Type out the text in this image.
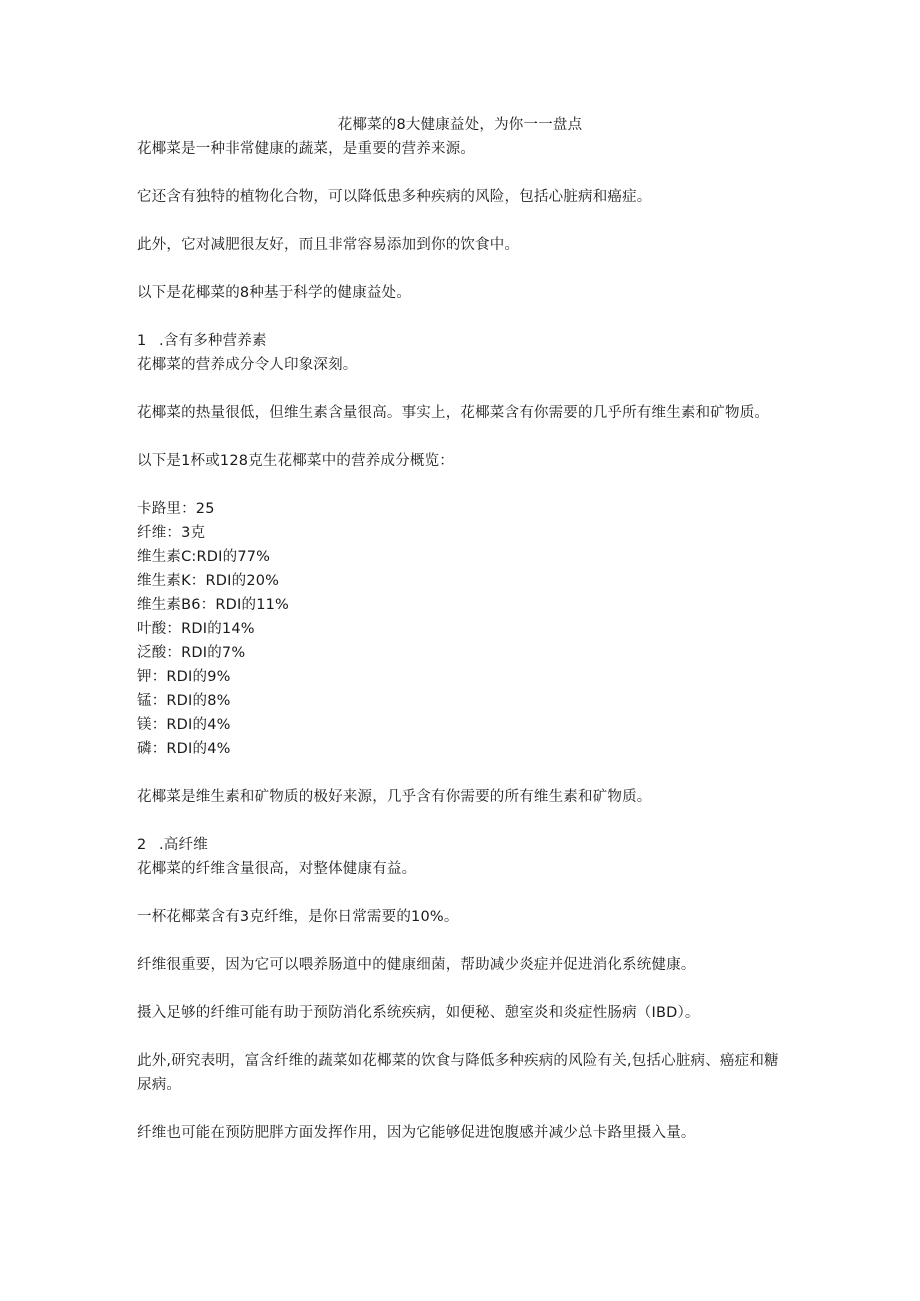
花椰菜的8大健康益处，为你一一盘点

花椰菜是一种非常健康的蔬菜，是重要的营养来源。

它还含有独特的植物化合物，可以降低患多种疾病的风险，包括心脏病和癌症。

此外，它对减肥很友好，而且非常容易添加到你的饮食中。

以下是花椰菜的8种基于科学的健康益处。

1 .含有多种营养素

花椰菜的营养成分令人印象深刻。

花椰菜的热量很低，但维生素含量很高。事实上，花椰菜含有你需要的几乎所有维生素和矿物质。

以下是1杯或128克生花椰菜中的营养成分概览：

卡路里：25
纤维：3克
维生素C:RDI的77%
维生素K：RDI的20%
维生素B6：RDI的11%
叶酸：RDI的14%
泛酸：RDI的7%
钾：RDI的9%
锰：RDI的8%
镁：RDI的4%
磷：RDI的4%

花椰菜是维生素和矿物质的极好来源，几乎含有你需要的所有维生素和矿物质。

2 .高纤维

花椰菜的纤维含量很高，对整体健康有益。

一杯花椰菜含有3克纤维，是你日常需要的10%。

纤维很重要，因为它可以喂养肠道中的健康细菌，帮助减少炎症并促进消化系统健康。

摄入足够的纤维可能有助于预防消化系统疾病，如便秘、憩室炎和炎症性肠病（IBD）。

此外,研究表明，富含纤维的蔬菜如花椰菜的饮食与降低多种疾病的风险有关,包括心脏病、癌症和糖尿病。

纤维也可能在预防肥胖方面发挥作用，因为它能够促进饱腹感并减少总卡路里摄入量。
